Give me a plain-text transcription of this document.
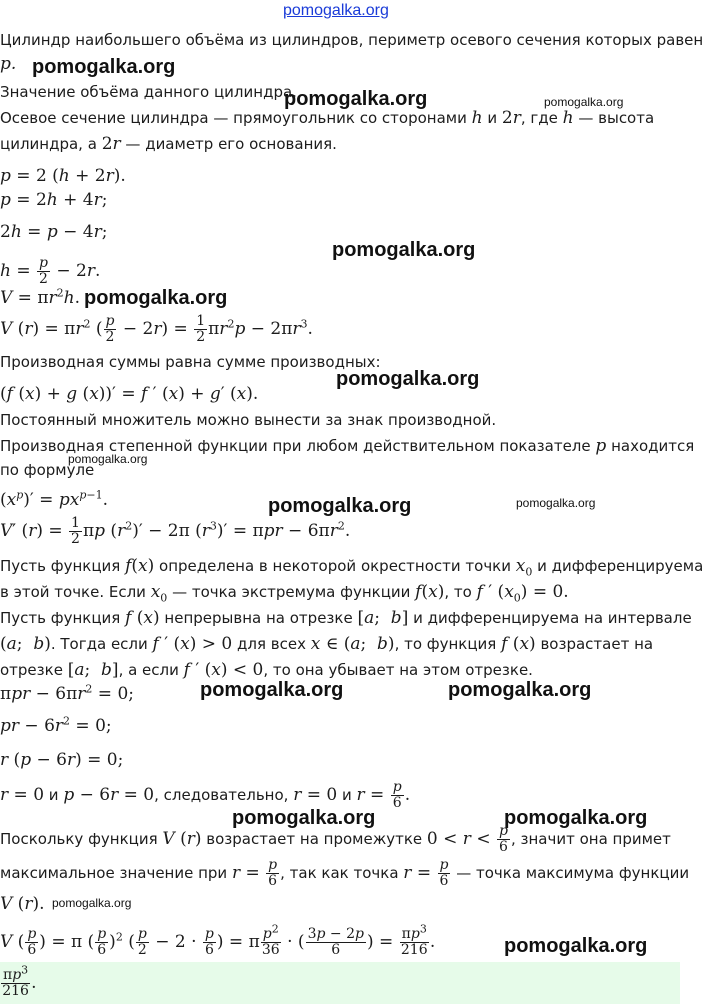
pomogalka.org
pomogalka.org
pomogalka.org	pomogalka.org
pomogalka.org
pomogalka.org
pomogalka.org
pomogalka.org
pomogalka.org	pomogalka.org
pomogalka.org	pomogalka.org
pomogalka.org	pomogalka.org
pomogalka.org
pomogalka.org
Цилиндр наибольшего объёма из цилиндров, периметр осевого сечения которых равен
p.
Значение объёма данного цилиндра.
Осевое сечение цилиндра — прямоугольник со сторонами h и 2r, где h — высота
цилиндра, а 2r — диаметр его основания.
p = 2 (h + 2r).
p = 2h + 4r;
2h = p − 4r;
$h = \frac{p}{2} - 2r$.
$V = \pi r^2h$.
V $(r) = \pi r^2$ ( $\frac{p}{2} - 2r) = \frac{1}{2} \pi r^2p - 2\pi r^3$.
Производная суммы равна сумме производных:
(f (x) + g (x))′ = f ′ (x) + g′ (x).
Постоянный множитель можно вынести за знак производной.
Производная степенной функции при любом действительном показателе p находится
по формуле
$(x^p)' = px^{p-1}$.
V′ $(r) = \frac{1}{2}$ πp $(r^2)' - 2\pi$ $(r^3)' = \pi pr - 6\pi r^2$.
Пусть функция f(x) определена в некоторой окрестности точки $x_0$ и дифференцируема
в этой точке. Если $x_0$ — точка экстремума функции f(x), то f ′ $(x_0) = 0$.
Пусть функция f (x) непрерывна на отрезке [a;  b] и дифференцируема на интервале
(a;  b). Тогда если f ′ (x) > 0 для всех x ∈ (a;  b), то функция f (x) возрастает на
отрезке [a;  b], а если f ′ (x) < 0, то она убывает на этом отрезке.
$\pi pr - 6\pi r^2 = 0$;
pr − $6r^2 = 0$;
r (p − 6r) = 0;
r = 0 и p − 6r = 0, следовательно, r = 0 и $r = \frac{p}{6}$ .
Поскольку функция V (r) возрастает на промежутке $0 < r < \frac{p}{6}$ , значит она примет
максимальное значение при $r = \frac{p}{6}$ , так как точка $r = \frac{p}{6}$ — точка максимума функции
V (r).
V ( $\frac{p}{6}$ ) = π ( $\frac{p}{6} )^2$ ( $\frac{p}{2} - 2 \cdot \frac{p}{6}$ ) = π $\frac{p^2}{36}$ · ( $\frac{3p - 2p}{6}$ ) = $\frac{\pi p^3}{216}$ .
$\frac{\pi p^3}{216}$ .
